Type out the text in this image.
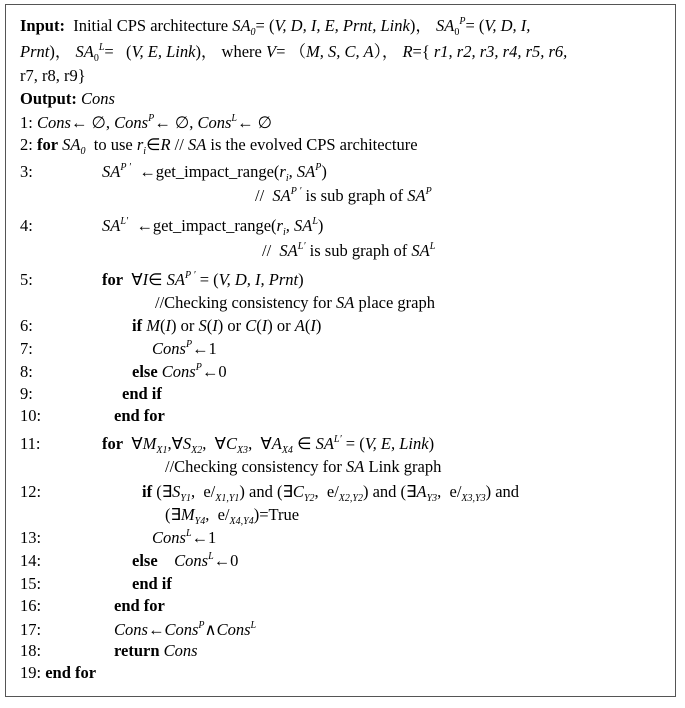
Input:  Initial CPS architecture $SA_0= (V$, D, I, E, Prnt, Link)， $SA_0^P= (V$, D, I,
Prnt)， $SA_0^L= (V$, E, Link)， where V= （M, S, C, A）， R={ r1, r2, r3, r4, r5, r6,
r7, r8, r9}
Output: Cons
1: Cons← ∅, Cons$^P$← ∅, Cons$^L$← ∅
2: for $SA_0$  to use $r_i\in R$ // SA is the evolved CPS architecture
3:	$SA^{P '}$  $\leftarrow get\_impact\_range(r_i$, $SA^P$)
//  $SA^{P '}$ is sub graph of $SA^P$
4:	$SA^{L'}$  $\leftarrow get\_impact\_range(r_i$, $SA^L$)
//  $SA^{L'}$ is sub graph of $SA^L$
5:	for  ∀I∈ $SA^{P '} = (V$, D, I, Prnt)
//Checking consistency for SA place graph
6:	if M(I) or S(I) or C(I) or A(I)
7:	Cons$^P$←1
8:	else Cons$^P$←0
9:	end if
10:	end for
11:	for  $\forall M_{X1},\forall S_{X2}$,  $\forall C_{X3}$,  $\forall A_{X4}$ ∈ $SA^{L'} = (V$, E, Link)
//Checking consistency for SA Link graph
12:	if ($\exists S_{Y1}$,  $e/_{X1,Y1}$) and ($\exists C_{Y2}$,  $e/_{X2,Y2}$) and ($\exists A_{Y3}$,  $e/_{X3,Y3}$) and
($\exists M_{Y4}$,  $e/_{X4,Y4})=True$
13:	Cons$^L$←1
14:	else Cons$^L$←0
15:	end if
16:	end for
17:	Cons←Cons$^P$∧Cons$^L$
18:	return Cons
19: end for
